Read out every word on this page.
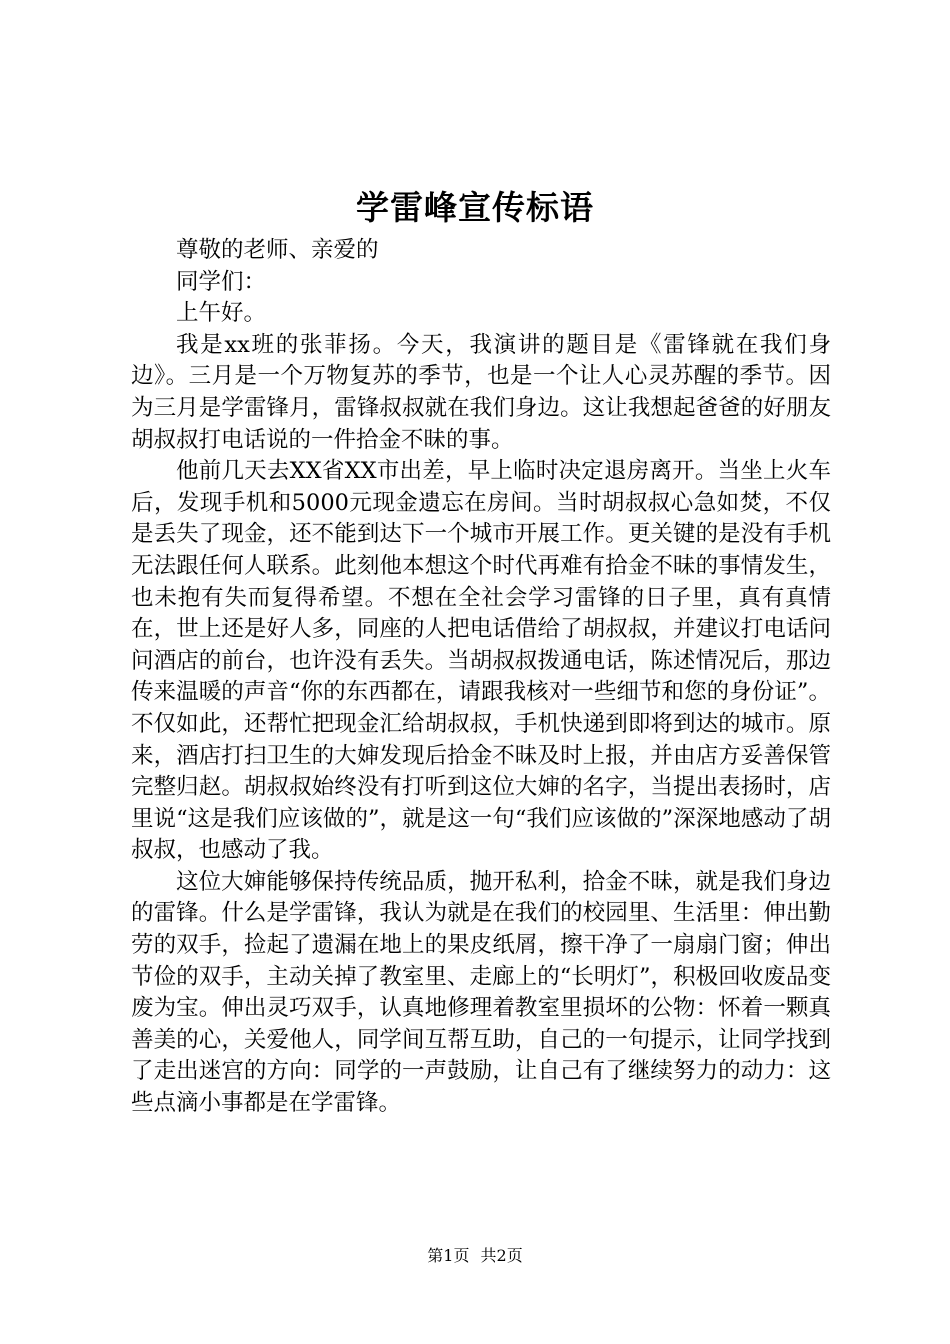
学雷峰宣传标语

尊敬的老师、亲爱的

同学们：

上午好。

我是xx班的张菲扬。今天，我演讲的题目是《雷锋就在我们身边》。三月是一个万物复苏的季节，也是一个让人心灵苏醒的季节。因为三月是学雷锋月，雷锋叔叔就在我们身边。这让我想起爸爸的好朋友胡叔叔打电话说的一件拾金不昧的事。

他前几天去XX省XX市出差，早上临时决定退房离开。当坐上火车后，发现手机和5000元现金遗忘在房间。当时胡叔叔心急如焚，不仅是丢失了现金，还不能到达下一个城市开展工作。更关键的是没有手机无法跟任何人联系。此刻他本想这个时代再难有拾金不昧的事情发生，也未抱有失而复得希望。不想在全社会学习雷锋的日子里，真有真情在，世上还是好人多，同座的人把电话借给了胡叔叔，并建议打电话问问酒店的前台，也许没有丢失。当胡叔叔拨通电话，陈述情况后，那边传来温暖的声音“你的东西都在，请跟我核对一些细节和您的身份证”。不仅如此，还帮忙把现金汇给胡叔叔，手机快递到即将到达的城市。原来，酒店打扫卫生的大婶发现后拾金不昧及时上报，并由店方妥善保管完整归赵。胡叔叔始终没有打听到这位大婶的名字，当提出表扬时，店里说“这是我们应该做的”，就是这一句“我们应该做的”深深地感动了胡叔叔，也感动了我。

这位大婶能够保持传统品质，抛开私利，拾金不昧，就是我们身边的雷锋。什么是学雷锋，我认为就是在我们的校园里、生活里：伸出勤劳的双手，捡起了遗漏在地上的果皮纸屑，擦干净了一扇扇门窗；伸出节俭的双手，主动关掉了教室里、走廊上的“长明灯”，积极回收废品变废为宝。伸出灵巧双手，认真地修理着教室里损坏的公物：怀着一颗真善美的心，关爱他人，同学间互帮互助，自己的一句提示，让同学找到了走出迷宫的方向：同学的一声鼓励，让自己有了继续努力的动力：这些点滴小事都是在学雷锋。

第1页 共2页
